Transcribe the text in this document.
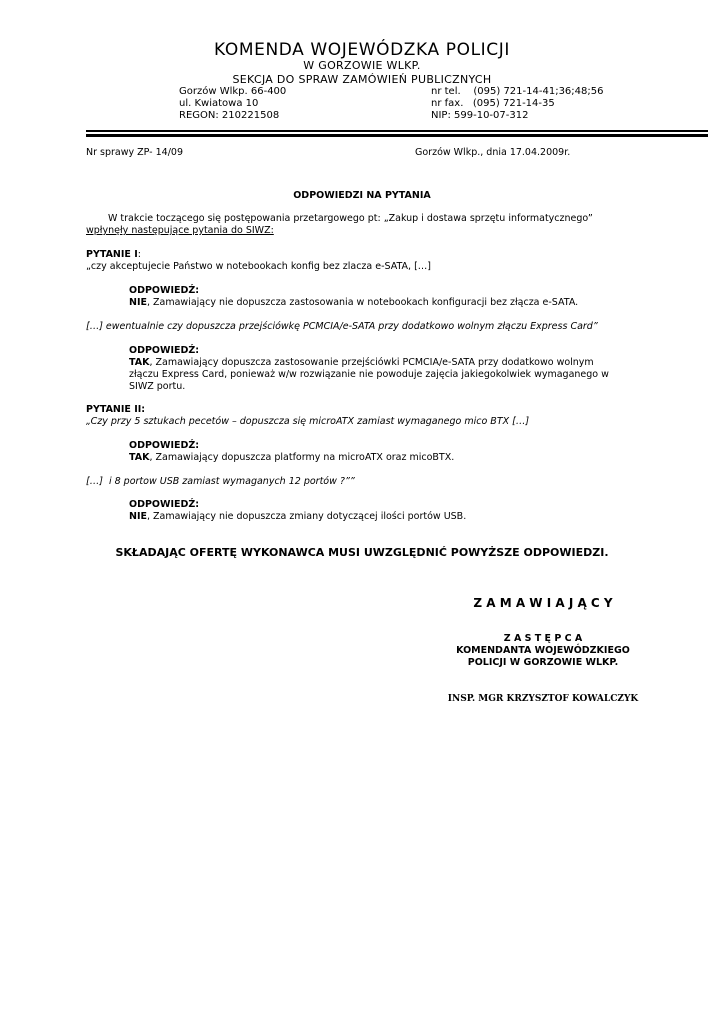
KOMENDA WOJEWÓDZKA POLICJI
W GORZOWIE WLKP.
SEKCJA DO SPRAW ZAMÓWIEŃ PUBLICZNYCH
Gorzów Wlkp. 66-400
ul. Kwiatowa 10
REGON: 210221508
nr tel.    (095) 721-14-41;36;48;56
nr fax.   (095) 721-14-35
NIP: 599-10-07-312
Nr sprawy ZP- 14/09	Gorzów Wlkp., dnia 17.04.2009r.
ODPOWIEDZI NA PYTANIA
W trakcie toczącego się postępowania przetargowego pt: „Zakup i dostawa sprzętu informatycznego”
wpłynęły następujące pytania do SIWZ:
PYTANIE I:
„czy akceptujecie Państwo w notebookach konfig bez zlacza e-SATA, […]
ODPOWIEDŹ:
NIE, Zamawiający nie dopuszcza zastosowania w notebookach konfiguracji bez złącza e-SATA.
[…] ewentualnie czy dopuszcza przejściówkę PCMCIA/e-SATA przy dodatkowo wolnym złączu Express Card”
ODPOWIEDŹ:
TAK, Zamawiający dopuszcza zastosowanie przejściówki PCMCIA/e-SATA przy dodatkowo wolnym
złączu Express Card, ponieważ w/w rozwiązanie nie powoduje zajęcia jakiegokolwiek wymaganego w
SIWZ portu.
PYTANIE II:
„Czy przy 5 sztukach pecetów – dopuszcza się microATX zamiast wymaganego mico BTX […]
ODPOWIEDŹ:
TAK, Zamawiający dopuszcza platformy na microATX oraz micoBTX.
[…]  i 8 portow USB zamiast wymaganych 12 portów ?””
ODPOWIEDŹ:
NIE, Zamawiający nie dopuszcza zmiany dotyczącej ilości portów USB.
SKŁADAJĄC OFERTĘ WYKONAWCA MUSI UWZGLĘDNIĆ POWYŻSZE ODPOWIEDZI.
Z A M A W I A J Ą C Y
Z A S T Ę P C A
KOMENDANTA WOJEWÓDZKIEGO
POLICJI W GORZOWIE WLKP.
INSP. MGR KRZYSZTOF KOWALCZYK
